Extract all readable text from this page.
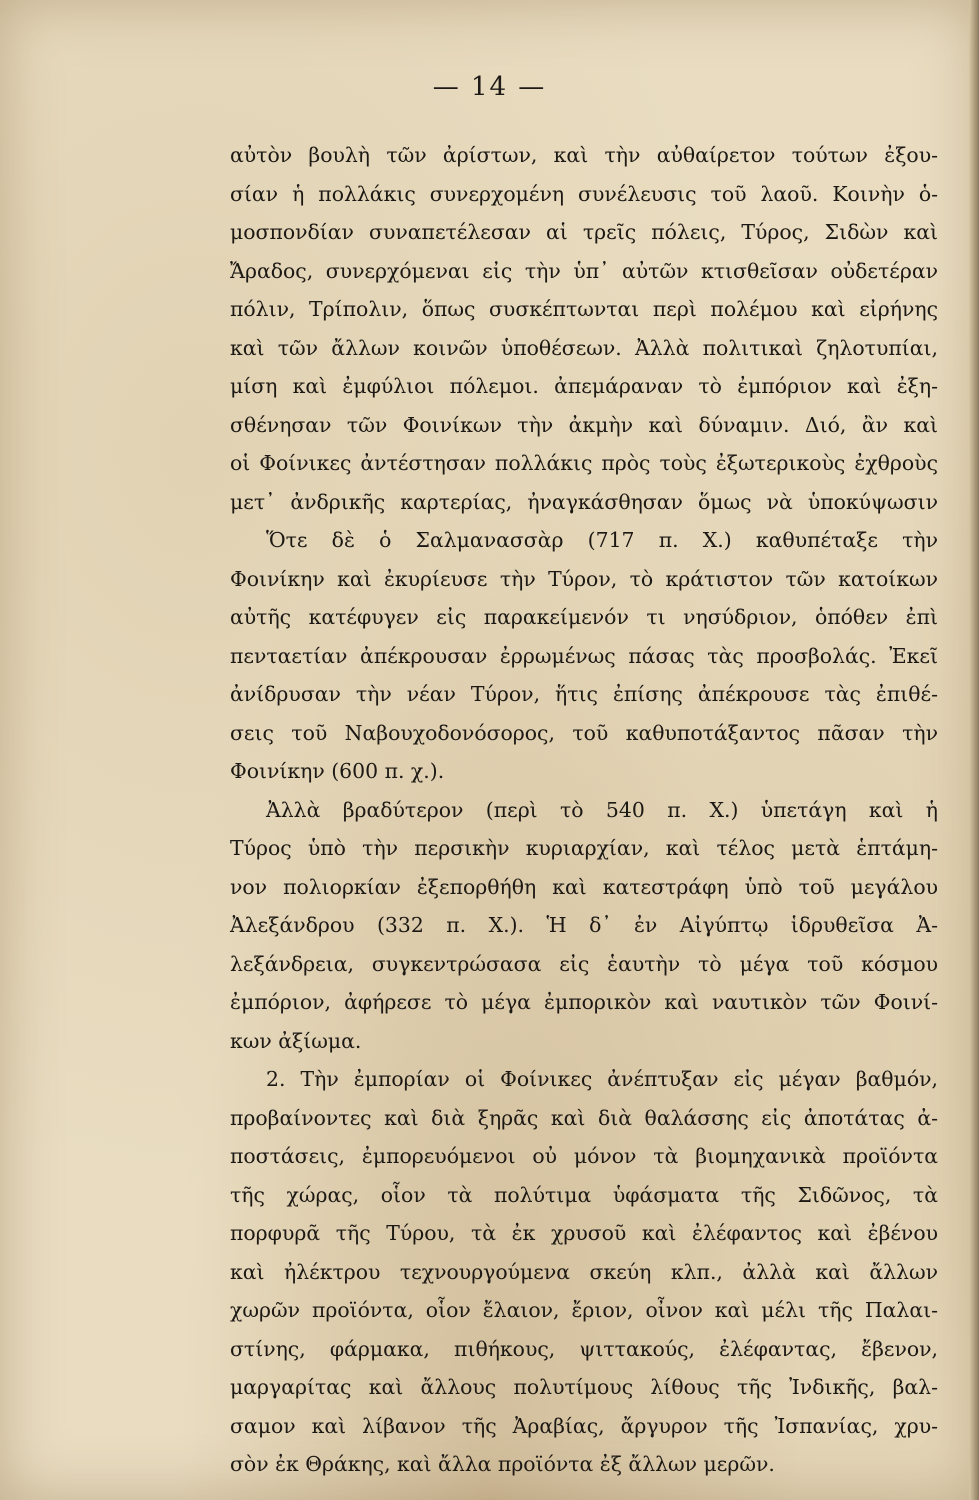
— 14 —
αὐτὸν βουλὴ τῶν ἀρίστων, καὶ τὴν αὐθαίρετον τούτων ἐξου-
σίαν ἡ πολλάκις συνερχομένη συνέλευσις τοῦ λαοῦ. Κοινὴν ὁ-
μοσπονδίαν συναπετέλεσαν αἱ τρεῖς πόλεις, Τύρος, Σιδὼν καὶ
Ἄραδος, συνερχόμεναι εἰς τὴν ὑπ᾽ αὐτῶν κτισθεῖσαν οὐδετέραν
πόλιν, Τρίπολιν, ὅπως συσκέπτωνται περὶ πολέμου καὶ εἰρήνης
καὶ τῶν ἄλλων κοινῶν ὑποθέσεων. Ἀλλὰ πολιτικαὶ ζηλοτυπίαι,
μίση καὶ ἐμφύλιοι πόλεμοι. ἀπεμάραναν τὸ ἐμπόριον καὶ ἐξη-
σθένησαν τῶν Φοινίκων τὴν ἀκμὴν καὶ δύναμιν. Διό, ἂν καὶ
οἱ Φοίνικες ἀντέστησαν πολλάκις πρὸς τοὺς ἐξωτερικοὺς ἐχθροὺς
μετ᾽ ἀνδρικῆς καρτερίας, ἠναγκάσθησαν ὅμως νὰ ὑποκύψωσιν
Ὅτε δὲ ὁ Σαλμανασσὰρ (717 π. Χ.) καθυπέταξε τὴν
Φοινίκην καὶ ἐκυρίευσε τὴν Τύρον, τὸ κράτιστον τῶν κατοίκων
αὐτῆς κατέφυγεν εἰς παρακείμενόν τι νησύδριον, ὁπόθεν ἐπὶ
πενταετίαν ἀπέκρουσαν ἐρρωμένως πάσας τὰς προσβολάς. Ἐκεῖ
ἀνίδρυσαν τὴν νέαν Τύρον, ἥτις ἐπίσης ἀπέκρουσε τὰς ἐπιθέ-
σεις τοῦ Ναβουχοδονόσορος, τοῦ καθυποτάξαντος πᾶσαν τὴν
Φοινίκην (600 π. χ.).
Ἀλλὰ βραδύτερον (περὶ τὸ 540 π. Χ.) ὑπετάγη καὶ ἡ
Τύρος ὑπὸ τὴν περσικὴν κυριαρχίαν, καὶ τέλος μετὰ ἑπτάμη-
νον πολιορκίαν ἐξεπορθήθη καὶ κατεστράφη ὑπὸ τοῦ μεγάλου
Ἀλεξάνδρου (332 π. Χ.). Ἡ δ᾽ ἐν Αἰγύπτῳ ἱδρυθεῖσα Ἀ-
λεξάνδρεια, συγκεντρώσασα εἰς ἑαυτὴν τὸ μέγα τοῦ κόσμου
ἐμπόριον, ἀφήρεσε τὸ μέγα ἐμπορικὸν καὶ ναυτικὸν τῶν Φοινί-
κων ἀξίωμα.
2. Τὴν ἐμπορίαν οἱ Φοίνικες ἀνέπτυξαν εἰς μέγαν βαθμόν,
προβαίνοντες καὶ διὰ ξηρᾶς καὶ διὰ θαλάσσης εἰς ἀποτάτας ἀ-
ποστάσεις, ἐμπορευόμενοι οὐ μόνον τὰ βιομηχανικὰ προϊόντα
τῆς χώρας, οἷον τὰ πολύτιμα ὑφάσματα τῆς Σιδῶνος, τὰ
πορφυρᾶ τῆς Τύρου, τὰ ἐκ χρυσοῦ καὶ ἐλέφαντος καὶ ἐβένου
καὶ ἠλέκτρου τεχνουργούμενα σκεύη κλπ., ἀλλὰ καὶ ἄλλων
χωρῶν προϊόντα, οἷον ἔλαιον, ἔριον, οἶνον καὶ μέλι τῆς Παλαι-
στίνης, φάρμακα, πιθήκους, ψιττακούς, ἐλέφαντας, ἔβενον,
μαργαρίτας καὶ ἄλλους πολυτίμους λίθους τῆς Ἰνδικῆς, βαλ-
σαμον καὶ λίβανον τῆς Ἀραβίας, ἄργυρον τῆς Ἰσπανίας, χρυ-
σὸν ἐκ Θράκης, καὶ ἄλλα προϊόντα ἐξ ἄλλων μερῶν.
